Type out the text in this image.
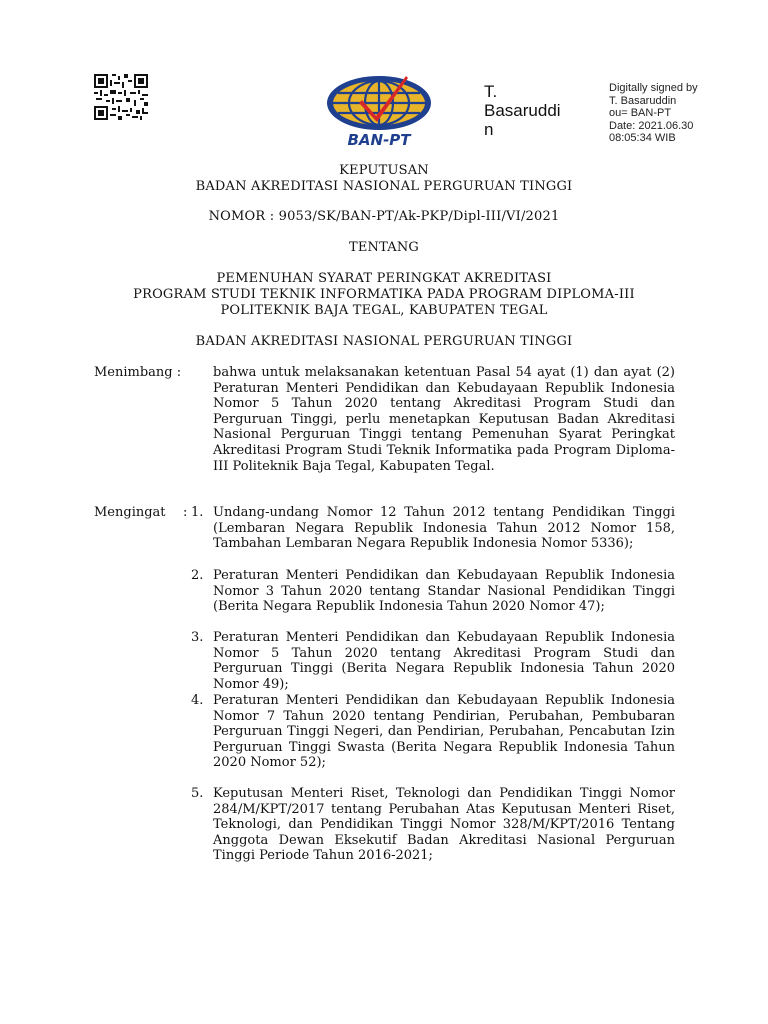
BAN-PT
T.
Basaruddi
n
Digitally signed by
T. Basaruddin
ou= BAN-PT
Date: 2021.06.30
08:05:34 WIB
KEPUTUSAN
BADAN AKREDITASI NASIONAL PERGURUAN TINGGI
NOMOR : 9053/SK/BAN-PT/Ak-PKP/Dipl-III/VI/2021
TENTANG
PEMENUHAN SYARAT PERINGKAT AKREDITASI
PROGRAM STUDI TEKNIK INFORMATIKA PADA PROGRAM DIPLOMA-III
POLITEKNIK BAJA TEGAL, KABUPATEN TEGAL
BADAN AKREDITASI NASIONAL PERGURUAN TINGGI
Menimbang : bahwa untuk melaksanakan ketentuan Pasal 54 ayat (1) dan ayat (2) Peraturan Menteri Pendidikan dan Kebudayaan Republik Indonesia Nomor 5 Tahun 2020 tentang Akreditasi Program Studi dan Perguruan Tinggi, perlu menetapkan Keputusan Badan Akreditasi Nasional Perguruan Tinggi tentang Pemenuhan Syarat Peringkat Akreditasi Program Studi Teknik Informatika pada Program Diploma-III Politeknik Baja Tegal, Kabupaten Tegal.
Mengingat : 1. Undang-undang Nomor 12 Tahun 2012 tentang Pendidikan Tinggi (Lembaran Negara Republik Indonesia Tahun 2012 Nomor 158, Tambahan Lembaran Negara Republik Indonesia Nomor 5336);
2. Peraturan Menteri Pendidikan dan Kebudayaan Republik Indonesia Nomor 3 Tahun 2020 tentang Standar Nasional Pendidikan Tinggi (Berita Negara Republik Indonesia Tahun 2020 Nomor 47);
3. Peraturan Menteri Pendidikan dan Kebudayaan Republik Indonesia Nomor 5 Tahun 2020 tentang Akreditasi Program Studi dan Perguruan Tinggi (Berita Negara Republik Indonesia Tahun 2020 Nomor 49);
4. Peraturan Menteri Pendidikan dan Kebudayaan Republik Indonesia Nomor 7 Tahun 2020 tentang Pendirian, Perubahan, Pembubaran Perguruan Tinggi Negeri, dan Pendirian, Perubahan, Pencabutan Izin Perguruan Tinggi Swasta (Berita Negara Republik Indonesia Tahun 2020 Nomor 52);
5. Keputusan Menteri Riset, Teknologi dan Pendidikan Tinggi Nomor 284/M/KPT/2017 tentang Perubahan Atas Keputusan Menteri Riset, Teknologi, dan Pendidikan Tinggi Nomor 328/M/KPT/2016 Tentang Anggota Dewan Eksekutif Badan Akreditasi Nasional Perguruan Tinggi Periode Tahun 2016-2021;
